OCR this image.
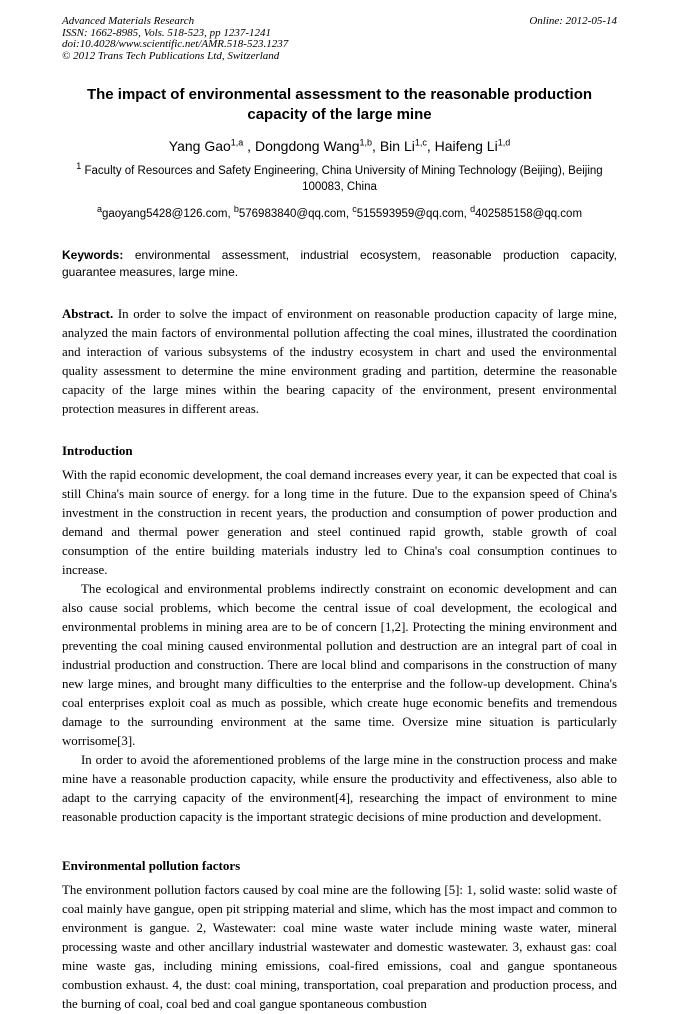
Advanced Materials Research
ISSN: 1662-8985, Vols. 518-523, pp 1237-1241
doi:10.4028/www.scientific.net/AMR.518-523.1237
© 2012 Trans Tech Publications Ltd, Switzerland
Online: 2012-05-14
The impact of environmental assessment to the reasonable production capacity of the large mine
Yang Gao$^{1,a}$ , Dongdong Wang$^{1,b}$, Bin Li$^{1,c}$, Haifeng Li$^{1,d}$
$^1$ Faculty of Resources and Safety Engineering, China University of Mining Technology (Beijing), Beijing 100083, China
$^a$gaoyang5428@126.com, $^b$576983840@qq.com, $^c$515593959@qq.com, $^d$402585158@qq.com

Keywords: environmental assessment, industrial ecosystem, reasonable production capacity, guarantee measures, large mine.

Abstract. In order to solve the impact of environment on reasonable production capacity of large mine, analyzed the main factors of environmental pollution affecting the coal mines, illustrated the coordination and interaction of various subsystems of the industry ecosystem in chart and used the environmental quality assessment to determine the mine environment grading and partition, determine the reasonable capacity of the large mines within the bearing capacity of the environment, present environmental protection measures in different areas.

Introduction

With the rapid economic development, the coal demand increases every year, it can be expected that coal is still China's main source of energy. for a long time in the future. Due to the expansion speed of China's investment in the construction in recent years, the production and consumption of power production and demand and thermal power generation and steel continued rapid growth, stable growth of coal consumption of the entire building materials industry led to China's coal consumption continues to increase.

The ecological and environmental problems indirectly constraint on economic development and can also cause social problems, which become the central issue of coal development, the ecological and environmental problems in mining area are to be of concern [1,2]. Protecting the mining environment and preventing the coal mining caused environmental pollution and destruction are an integral part of coal in industrial production and construction. There are local blind and comparisons in the construction of many new large mines, and brought many difficulties to the enterprise and the follow-up development. China's coal enterprises exploit coal as much as possible, which create huge economic benefits and tremendous damage to the surrounding environment at the same time. Oversize mine situation is particularly worrisome[3].

In order to avoid the aforementioned problems of the large mine in the construction process and make mine have a reasonable production capacity, while ensure the productivity and effectiveness, also able to adapt to the carrying capacity of the environment[4], researching the impact of environment to mine reasonable production capacity is the important strategic decisions of mine production and development.

Environmental pollution factors

The environment pollution factors caused by coal mine are the following [5]: 1, solid waste: solid waste of coal mainly have gangue, open pit stripping material and slime, which has the most impact and common to environment is gangue. 2, Wastewater: coal mine waste water include mining waste water, mineral processing waste and other ancillary industrial wastewater and domestic wastewater. 3, exhaust gas: coal mine waste gas, including mining emissions, coal-fired emissions, coal and gangue spontaneous combustion exhaust. 4, the dust: coal mining, transportation, coal preparation and production process, and the burning of coal, coal bed and coal gangue spontaneous combustion
